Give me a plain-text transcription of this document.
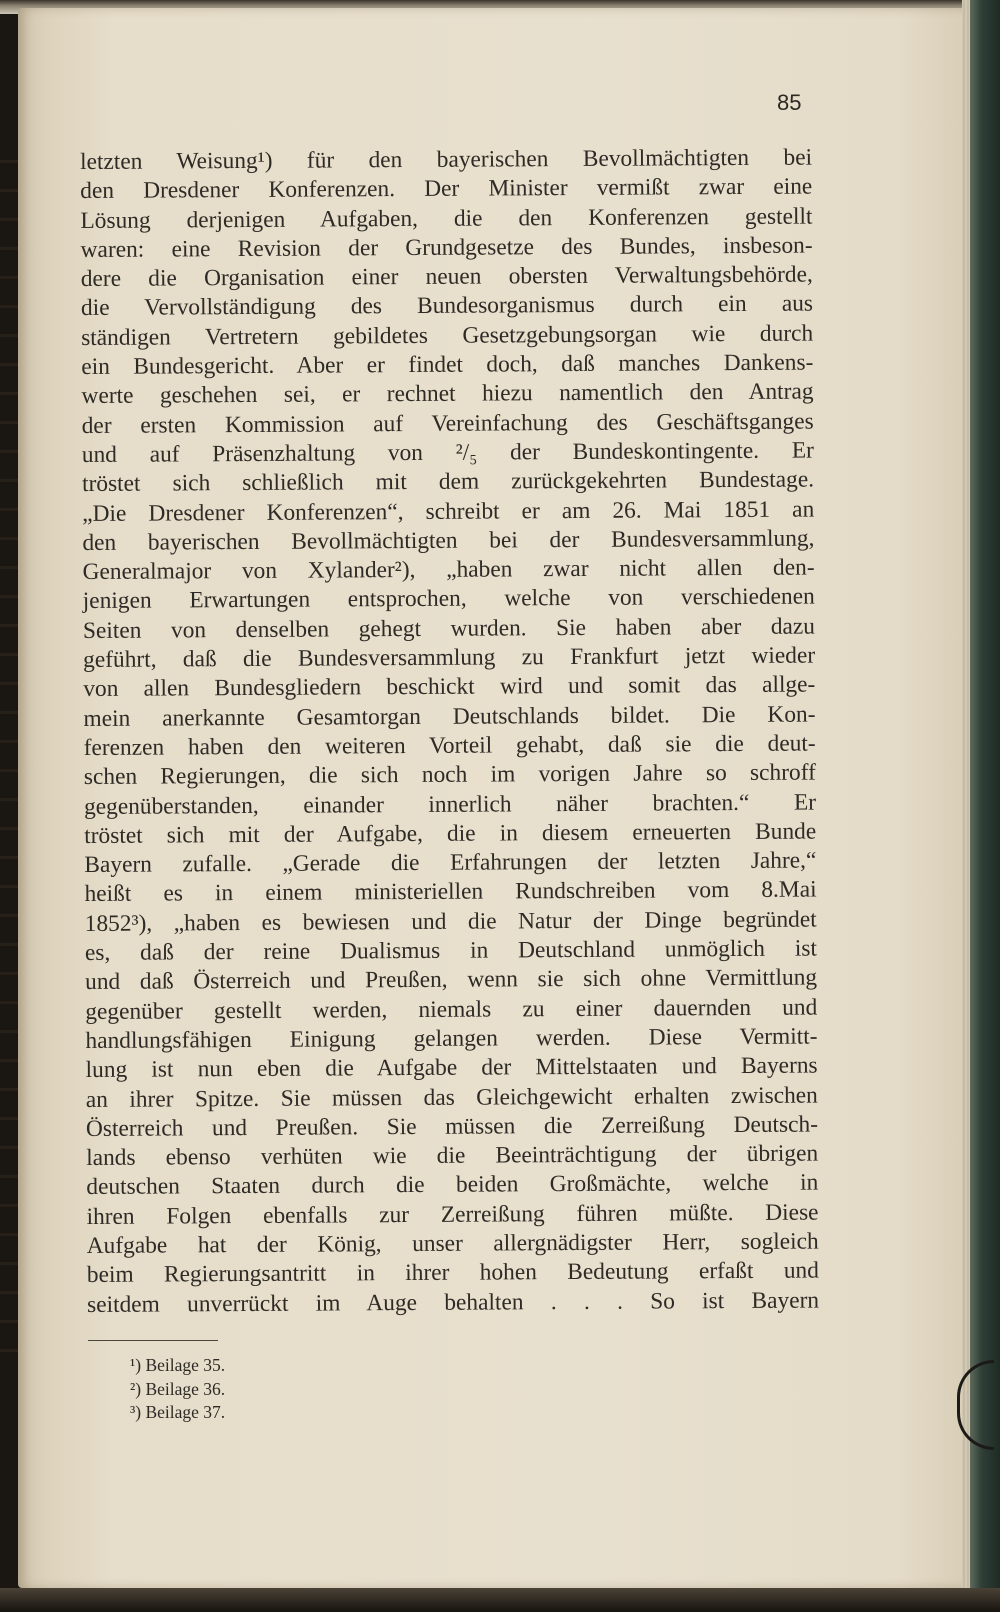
85
letzten Weisung¹) für den bayerischen Bevollmächtigten bei
den Dresdener Konferenzen. Der Minister vermißt zwar eine
Lösung derjenigen Aufgaben, die den Konferenzen gestellt
waren: eine Revision der Grundgesetze des Bundes, insbeson-
dere die Organisation einer neuen obersten Verwaltungsbehörde,
die Vervollständigung des Bundesorganismus durch ein aus
ständigen Vertretern gebildetes Gesetzgebungsorgan wie durch
ein Bundesgericht. Aber er findet doch, daß manches Dankens-
werte geschehen sei, er rechnet hiezu namentlich den Antrag
der ersten Kommission auf Vereinfachung des Geschäftsganges
und auf Präsenzhaltung von ²/₅ der Bundeskontingente. Er
tröstet sich schließlich mit dem zurückgekehrten Bundestage.
„Die Dresdener Konferenzen“, schreibt er am 26. Mai 1851 an
den bayerischen Bevollmächtigten bei der Bundesversammlung,
Generalmajor von Xylander²), „haben zwar nicht allen den-
jenigen Erwartungen entsprochen, welche von verschiedenen
Seiten von denselben gehegt wurden. Sie haben aber dazu
geführt, daß die Bundesversammlung zu Frankfurt jetzt wieder
von allen Bundesgliedern beschickt wird und somit das allge-
mein anerkannte Gesamtorgan Deutschlands bildet. Die Kon-
ferenzen haben den weiteren Vorteil gehabt, daß sie die deut-
schen Regierungen, die sich noch im vorigen Jahre so schroff
gegenüberstanden, einander innerlich näher brachten.“ Er
tröstet sich mit der Aufgabe, die in diesem erneuerten Bunde
Bayern zufalle. „Gerade die Erfahrungen der letzten Jahre,“
heißt es in einem ministeriellen Rundschreiben vom 8.Mai
1852³), „haben es bewiesen und die Natur der Dinge begründet
es, daß der reine Dualismus in Deutschland unmöglich ist
und daß Österreich und Preußen, wenn sie sich ohne Vermittlung
gegenüber gestellt werden, niemals zu einer dauernden und
handlungsfähigen Einigung gelangen werden. Diese Vermitt-
lung ist nun eben die Aufgabe der Mittelstaaten und Bayerns
an ihrer Spitze. Sie müssen das Gleichgewicht erhalten zwischen
Österreich und Preußen. Sie müssen die Zerreißung Deutsch-
lands ebenso verhüten wie die Beeinträchtigung der übrigen
deutschen Staaten durch die beiden Großmächte, welche in
ihren Folgen ebenfalls zur Zerreißung führen müßte. Diese
Aufgabe hat der König, unser allergnädigster Herr, sogleich
beim Regierungsantritt in ihrer hohen Bedeutung erfaßt und
seitdem unverrückt im Auge behalten . . . So ist Bayern
¹) Beilage 35.
²) Beilage 36.
³) Beilage 37.
